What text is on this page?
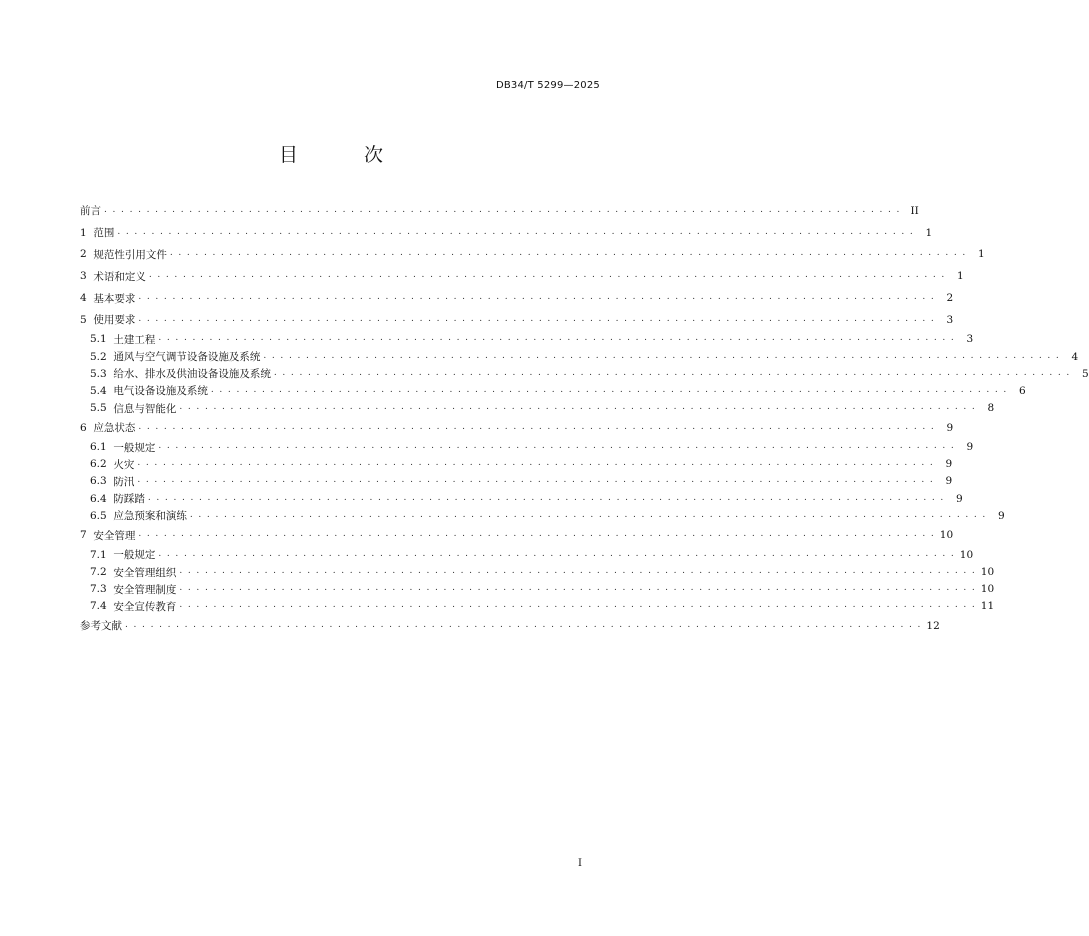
DB34/T 5299—2025
目 次
前言 . . . . . . . . . . . . . . . . . . . . . . . . . . . . . . . . . . . . . . . . . . . . . . . . . . . . . . . . . . . . . . . . . . . . . . . . . . . . . . . . . . . . . . . . . . . . . . II
1 范围 . . . . . . . . . . . . . . . . . . . . . . . . . . . . . . . . . . . . . . . . . . . . . . . . . . . . . . . . . . . . . . . . . . . . . . . . . . . . . . . . . . . . . . . . . . . . . .	1
2 规范性引用文件 . . . . . . . . . . . . . . . . . . . . . . . . . . . . . . . . . . . . . . . . . . . . . . . . . . . . . . . . . . . . . . . . . . . . . . . . . . . . . . . . . . . . . . . . . . . . . .	1
3 术语和定义 . . . . . . . . . . . . . . . . . . . . . . . . . . . . . . . . . . . . . . . . . . . . . . . . . . . . . . . . . . . . . . . . . . . . . . . . . . . . . . . . . . . . . . . . . . . . . .	1
4 基本要求 . . . . . . . . . . . . . . . . . . . . . . . . . . . . . . . . . . . . . . . . . . . . . . . . . . . . . . . . . . . . . . . . . . . . . . . . . . . . . . . . . . . . . . . . . . . . . .	2
5 使用要求 . . . . . . . . . . . . . . . . . . . . . . . . . . . . . . . . . . . . . . . . . . . . . . . . . . . . . . . . . . . . . . . . . . . . . . . . . . . . . . . . . . . . . . . . . . . . . .	3
5.1 土建工程 . . . . . . . . . . . . . . . . . . . . . . . . . . . . . . . . . . . . . . . . . . . . . . . . . . . . . . . . . . . . . . . . . . . . . . . . . . . . . . . . . . . . . . . . . . . . . .	3
5.2 通风与空气调节设备设施及系统 . . . . . . . . . . . . . . . . . . . . . . . . . . . . . . . . . . . . . . . . . . . . . . . . . . . . . . . . . . . . . . . . . . . . . . . . . . . . . . . . . . . . . . . . . . . . . .	4
5.3 给水、排水及供油设备设施及系统 . . . . . . . . . . . . . . . . . . . . . . . . . . . . . . . . . . . . . . . . . . . . . . . . . . . . . . . . . . . . . . . . . . . . . . . . . . . . . . . . . . . . . . . . . . . . . .	5
5.4 电气设备设施及系统 . . . . . . . . . . . . . . . . . . . . . . . . . . . . . . . . . . . . . . . . . . . . . . . . . . . . . . . . . . . . . . . . . . . . . . . . . . . . . . . . . . . . . . . . . . . . . .	6
5.5 信息与智能化 . . . . . . . . . . . . . . . . . . . . . . . . . . . . . . . . . . . . . . . . . . . . . . . . . . . . . . . . . . . . . . . . . . . . . . . . . . . . . . . . . . . . . . . . . . . . . .	8
6 应急状态 . . . . . . . . . . . . . . . . . . . . . . . . . . . . . . . . . . . . . . . . . . . . . . . . . . . . . . . . . . . . . . . . . . . . . . . . . . . . . . . . . . . . . . . . . . . . . .	9
6.1 一般规定 . . . . . . . . . . . . . . . . . . . . . . . . . . . . . . . . . . . . . . . . . . . . . . . . . . . . . . . . . . . . . . . . . . . . . . . . . . . . . . . . . . . . . . . . . . . . . .	9
6.2 火灾 . . . . . . . . . . . . . . . . . . . . . . . . . . . . . . . . . . . . . . . . . . . . . . . . . . . . . . . . . . . . . . . . . . . . . . . . . . . . . . . . . . . . . . . . . . . . . .	9
6.3 防汛 . . . . . . . . . . . . . . . . . . . . . . . . . . . . . . . . . . . . . . . . . . . . . . . . . . . . . . . . . . . . . . . . . . . . . . . . . . . . . . . . . . . . . . . . . . . . . .	9
6.4 防踩踏 . . . . . . . . . . . . . . . . . . . . . . . . . . . . . . . . . . . . . . . . . . . . . . . . . . . . . . . . . . . . . . . . . . . . . . . . . . . . . . . . . . . . . . . . . . . . . .	9
6.5 应急预案和演练 . . . . . . . . . . . . . . . . . . . . . . . . . . . . . . . . . . . . . . . . . . . . . . . . . . . . . . . . . . . . . . . . . . . . . . . . . . . . . . . . . . . . . . . . . . . . . .	9
7 安全管理 . . . . . . . . . . . . . . . . . . . . . . . . . . . . . . . . . . . . . . . . . . . . . . . . . . . . . . . . . . . . . . . . . . . . . . . . . . . . . . . . . . . . . . . . . . . . . . 10
7.1 一般规定 . . . . . . . . . . . . . . . . . . . . . . . . . . . . . . . . . . . . . . . . . . . . . . . . . . . . . . . . . . . . . . . . . . . . . . . . . . . . . . . . . . . . . . . . . . . . . . 10
7.2 安全管理组织 . . . . . . . . . . . . . . . . . . . . . . . . . . . . . . . . . . . . . . . . . . . . . . . . . . . . . . . . . . . . . . . . . . . . . . . . . . . . . . . . . . . . . . . . . . . . . . 10
7.3 安全管理制度 . . . . . . . . . . . . . . . . . . . . . . . . . . . . . . . . . . . . . . . . . . . . . . . . . . . . . . . . . . . . . . . . . . . . . . . . . . . . . . . . . . . . . . . . . . . . . . 10
7.4 安全宣传教育 . . . . . . . . . . . . . . . . . . . . . . . . . . . . . . . . . . . . . . . . . . . . . . . . . . . . . . . . . . . . . . . . . . . . . . . . . . . . . . . . . . . . . . . . . . . . . . 11
参考文献 . . . . . . . . . . . . . . . . . . . . . . . . . . . . . . . . . . . . . . . . . . . . . . . . . . . . . . . . . . . . . . . . . . . . . . . . . . . . . . . . . . . . . . . . . . . . . . 12
I
